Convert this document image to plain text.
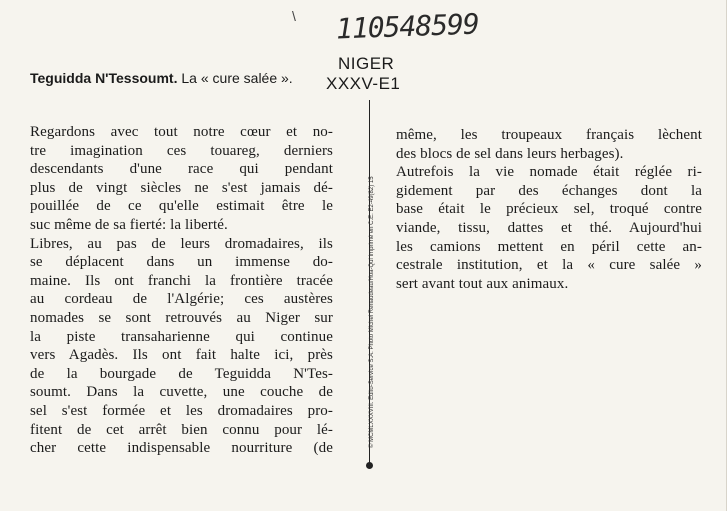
\ 110548599
NIGER
XXXV-E1
Teguidda N'Tessoumt. La « cure salée ».

Regardons avec tout notre cœur et no-

tre imagination ces touareg, derniers

descendants d'une race qui pendant

plus de vingt siècles ne s'est jamais dé-

pouillée de ce qu'elle estimait être le

suc même de sa fierté: la liberté.

Libres, au pas de leurs dromadaires, ils

se déplacent dans un immense do-

maine. Ils ont franchi la frontière tracée

au cordeau de l'Algérie; ces austères

nomades se sont retrouvés au Niger sur

la piste transaharienne qui continue

vers Agadès. Ils ont fait halte ici, près

de la bourgade de Teguidda N'Tes-

soumt. Dans la cuvette, une couche de

sel s'est formée et les dromadaires pro-

fitent de cet arrêt bien connu pour lé-

cher cette indispensable nourriture (de

© MCMLXXXVIII. Edito-Service S.A. Photo Michel Renaudeau/Hoa-Qui Imprimé en C.E. E2-49(82) 15

même, les troupeaux français lèchent

des blocs de sel dans leurs herbages).

Autrefois la vie nomade était réglée ri-

gidement par des échanges dont la

base était le précieux sel, troqué contre

viande, tissu, dattes et thé. Aujourd'hui

les camions mettent en péril cette an-

cestrale institution, et la « cure salée »

sert avant tout aux animaux.
